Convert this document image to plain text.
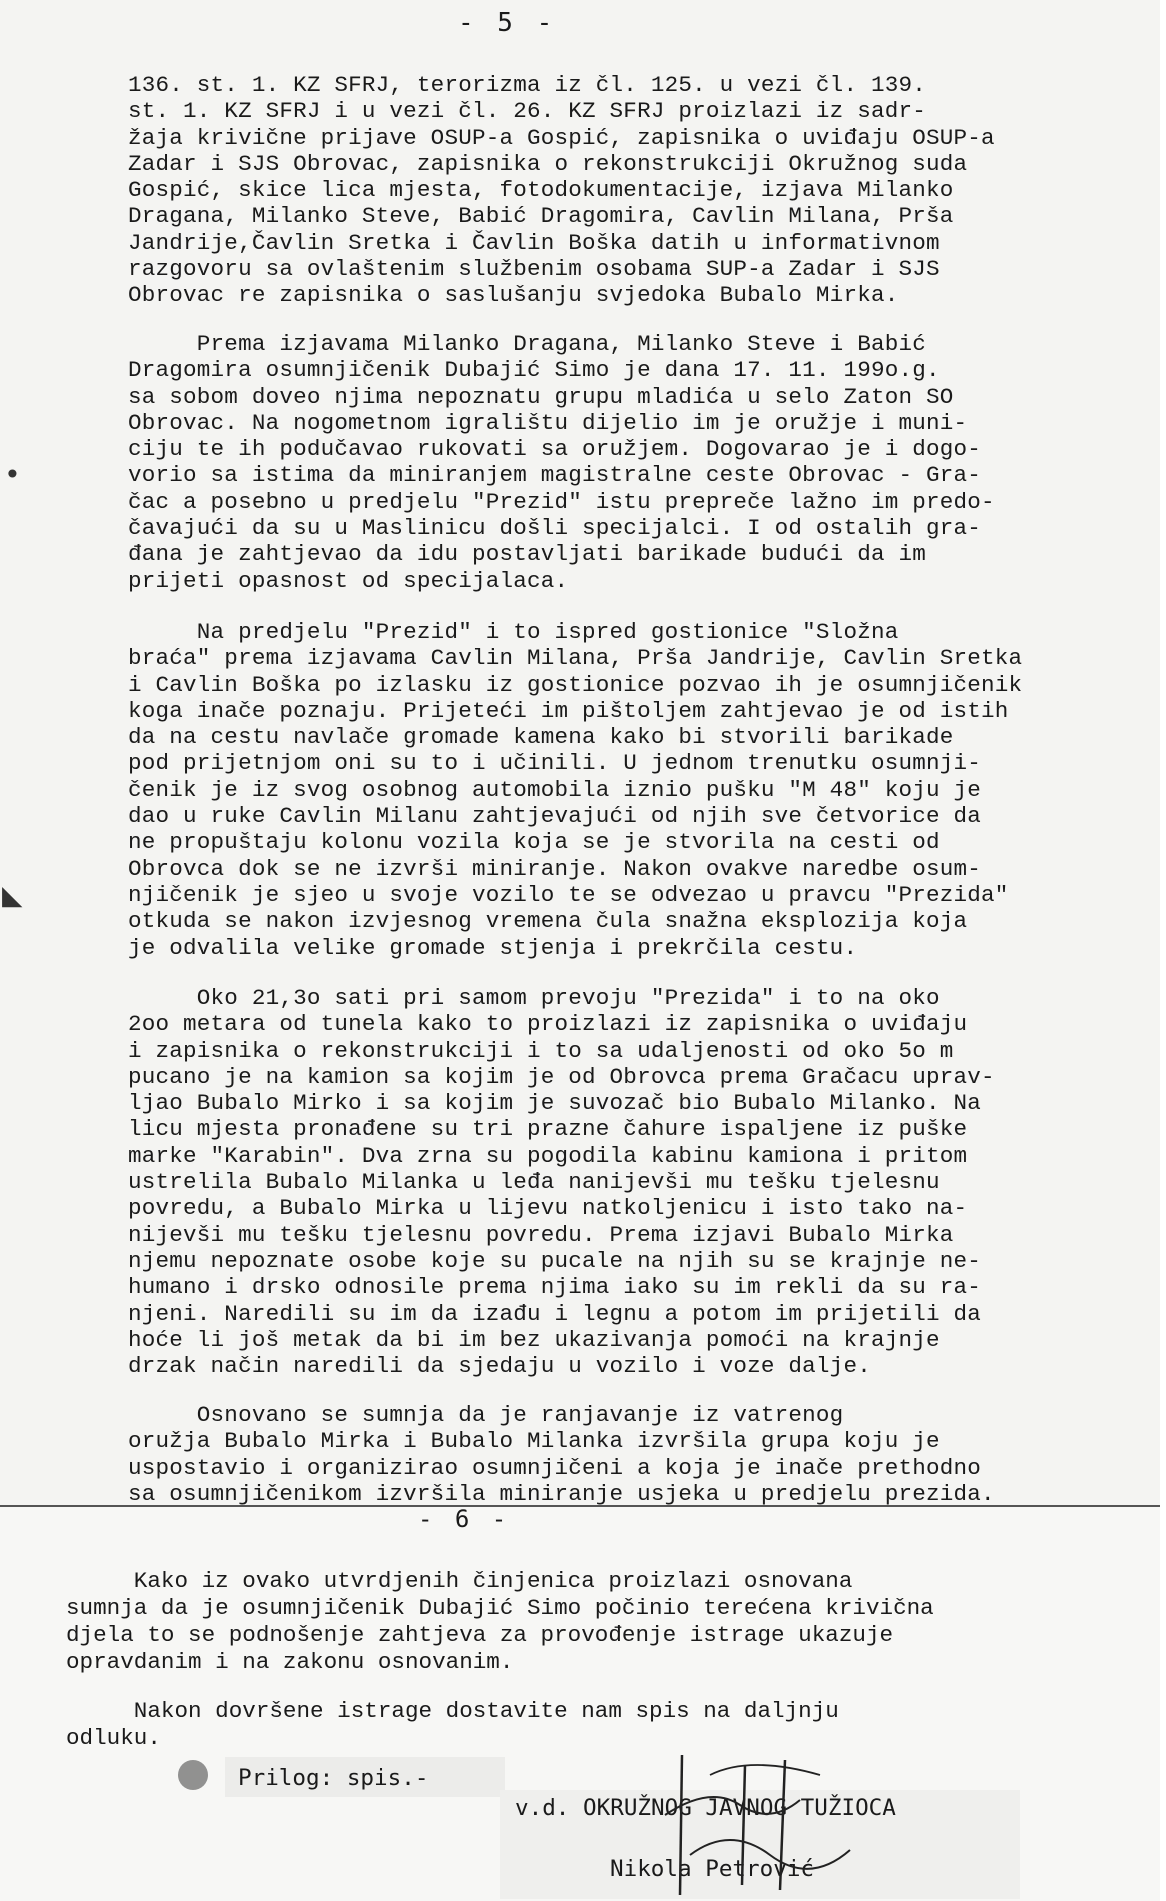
- 5 -
•
◣
136. st. 1. KZ SFRJ, terorizma iz čl. 125. u vezi čl. 139.
st. 1. KZ SFRJ i u vezi čl. 26. KZ SFRJ proizlazi iz sadr-
žaja krivične prijave OSUP-a Gospić, zapisnika o uviđaju OSUP-a
Zadar i SJS Obrovac, zapisnika o rekonstrukciji Okružnog suda
Gospić, skice lica mjesta, fotodokumentacije, izjava Milanko
Dragana, Milanko Steve, Babić Dragomira, Cavlin Milana, Prša
Jandrije,Čavlin Sretka i Čavlin Boška datih u informativnom
razgovoru sa ovlaštenim službenim osobama SUP-a Zadar i SJS
Obrovac re zapisnika o saslušanju svjedoka Bubalo Mirka.
Prema izjavama Milanko Dragana, Milanko Steve i Babić
Dragomira osumnjičenik Dubajić Simo je dana 17. 11. 199o.g.
sa sobom doveo njima nepoznatu grupu mladića u selo Zaton SO
Obrovac. Na nogometnom igralištu dijelio im je oružje i muni-
ciju te ih podučavao rukovati sa oružjem. Dogovarao je i dogo-
vorio sa istima da miniranjem magistralne ceste Obrovac - Gra-
čac a posebno u predjelu "Prezid" istu prepreče lažno im predo-
čavajući da su u Maslinicu došli specijalci. I od ostalih gra-
đana je zahtjevao da idu postavljati barikade budući da im
prijeti opasnost od specijalaca.
Na predjelu "Prezid" i to ispred gostionice "Složna
braća" prema izjavama Cavlin Milana, Prša Jandrije, Cavlin Sretka
i Cavlin Boška po izlasku iz gostionice pozvao ih je osumnjičenik
koga inače poznaju. Prijeteći im pištoljem zahtjevao je od istih
da na cestu navlače gromade kamena kako bi stvorili barikade
pod prijetnjom oni su to i učinili. U jednom trenutku osumnji-
čenik je iz svog osobnog automobila iznio pušku "M 48" koju je
dao u ruke Cavlin Milanu zahtjevajući od njih sve četvorice da
ne propuštaju kolonu vozila koja se je stvorila na cesti od
Obrovca dok se ne izvrši miniranje. Nakon ovakve naredbe osum-
njičenik je sjeo u svoje vozilo te se odvezao u pravcu "Prezida"
otkuda se nakon izvjesnog vremena čula snažna eksplozija koja
je odvalila velike gromade stjenja i prekrčila cestu.
Oko 21,3o sati pri samom prevoju "Prezida" i to na oko
2oo metara od tunela kako to proizlazi iz zapisnika o uviđaju
i zapisnika o rekonstrukciji i to sa udaljenosti od oko 5o m
pucano je na kamion sa kojim je od Obrovca prema Gračacu uprav-
ljao Bubalo Mirko i sa kojim je suvozač bio Bubalo Milanko. Na
licu mjesta pronađene su tri prazne čahure ispaljene iz puške
marke "Karabin". Dva zrna su pogodila kabinu kamiona i pritom
ustrelila Bubalo Milanka u leđa nanijevši mu tešku tjelesnu
povredu, a Bubalo Mirka u lijevu natkoljenicu i isto tako na-
nijevši mu tešku tjelesnu povredu. Prema izjavi Bubalo Mirka
njemu nepoznate osobe koje su pucale na njih su se krajnje ne-
humano i drsko odnosile prema njima iako su im rekli da su ra-
njeni. Naredili su im da izađu i legnu a potom im prijetili da
hoće li još metak da bi im bez ukazivanja pomoći na krajnje
drzak način naredili da sjedaju u vozilo i voze dalje.
Osnovano se sumnja da je ranjavanje iz vatrenog
oružja Bubalo Mirka i Bubalo Milanka izvršila grupa koju je
uspostavio i organizirao osumnjičeni a koja je inače prethodno
sa osumnjičenikom izvršila miniranje usjeka u predjelu prezida.
- 6 -
Kako iz ovako utvrdjenih činjenica proizlazi osnovana
sumnja da je osumnjičenik Dubajić Simo počinio terećena krivična
djela to se podnošenje zahtjeva za provođenje istrage ukazuje
opravdanim i na zakonu osnovanim.
Nakon dovršene istrage dostavite nam spis na daljnju
odluku.
Prilog: spis.-
v.d. OKRUŽNOG JAVNOG TUŽIOCA
Nikola Petrović
